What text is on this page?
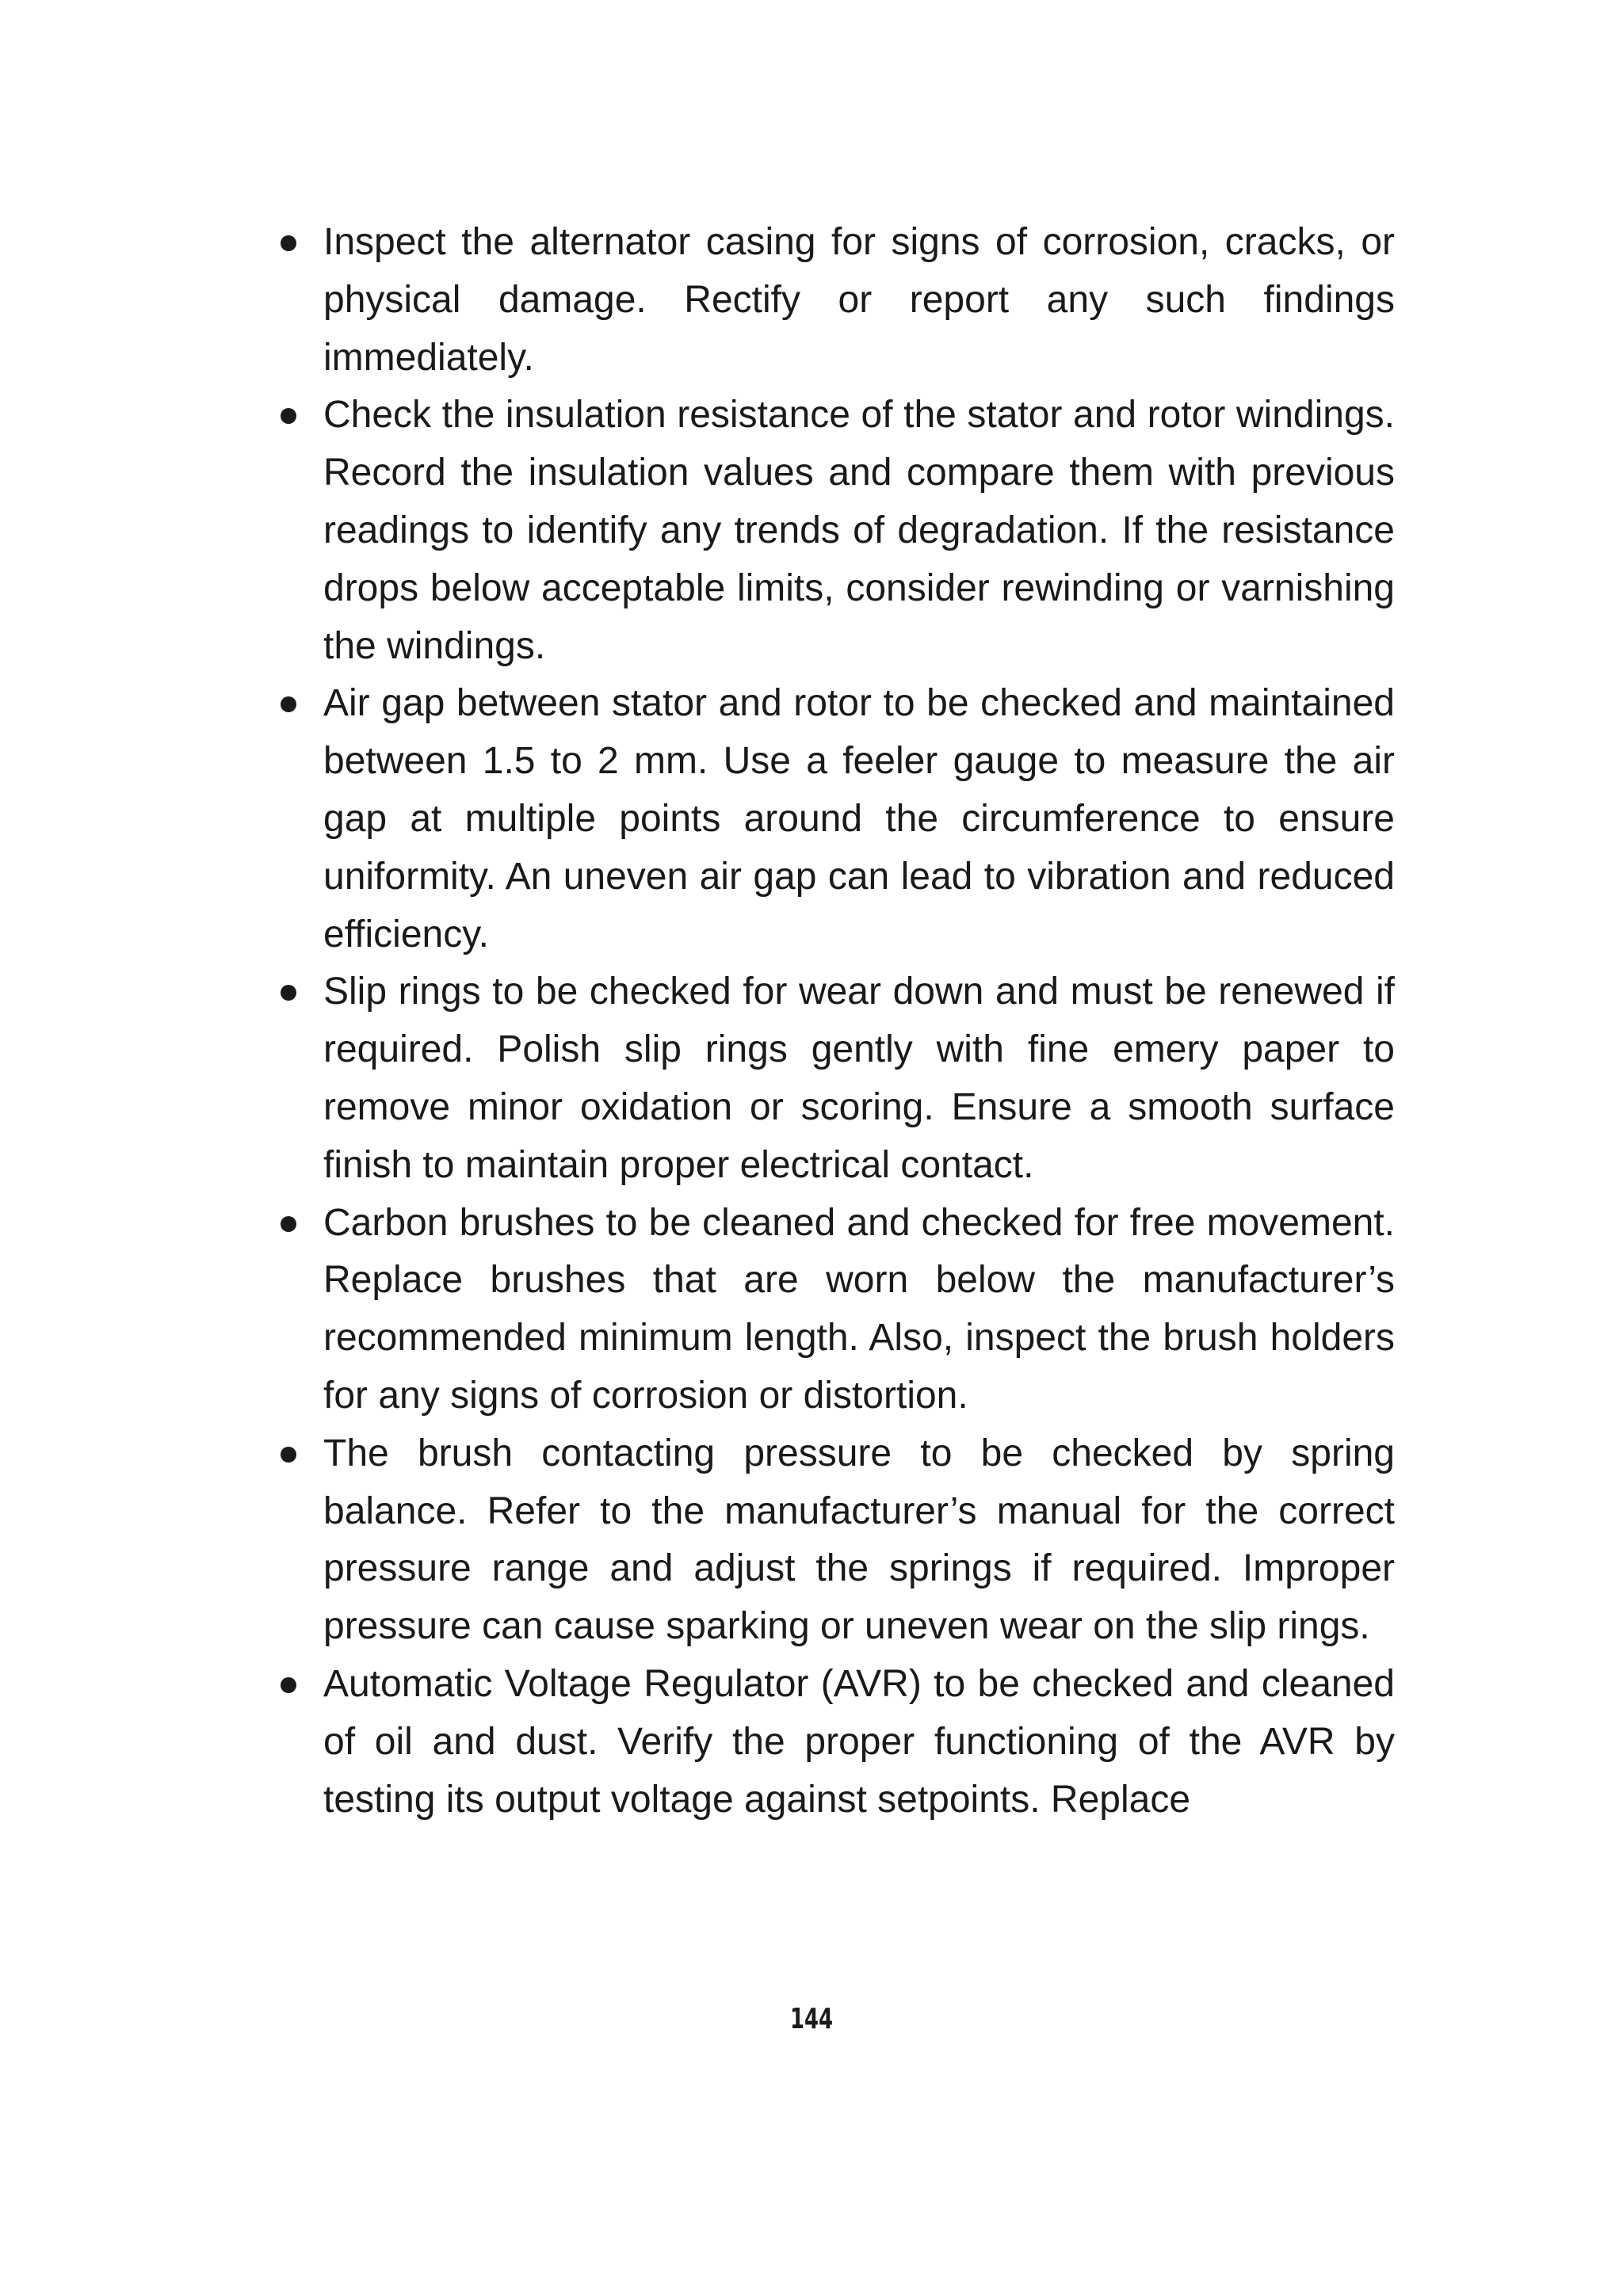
Inspect the alternator casing for signs of corrosion, cracks, or physical damage. Rectify or report any such findings immediately.
Check the insulation resistance of the stator and rotor windings. Record the insulation values and compare them with previous readings to identify any trends of degradation. If the resistance drops below acceptable limits, consider rewinding or varnishing the windings.
Air gap between stator and rotor to be checked and maintained between 1.5 to 2 mm. Use a feeler gauge to measure the air gap at multiple points around the circumference to ensure uniformity. An uneven air gap can lead to vibration and reduced efficiency.
Slip rings to be checked for wear down and must be renewed if required. Polish slip rings gently with fine emery paper to remove minor oxidation or scoring. Ensure a smooth surface finish to maintain proper electrical contact.
Carbon brushes to be cleaned and checked for free movement. Replace brushes that are worn below the manufacturer’s recommended minimum length. Also, inspect the brush holders for any signs of corrosion or distortion.
The brush contacting pressure to be checked by spring balance. Refer to the manufacturer’s manual for the correct pressure range and adjust the springs if required. Improper pressure can cause sparking or uneven wear on the slip rings.
Automatic Voltage Regulator (AVR) to be checked and cleaned of oil and dust. Verify the proper functioning of the AVR by testing its output voltage against setpoints. Replace
144
